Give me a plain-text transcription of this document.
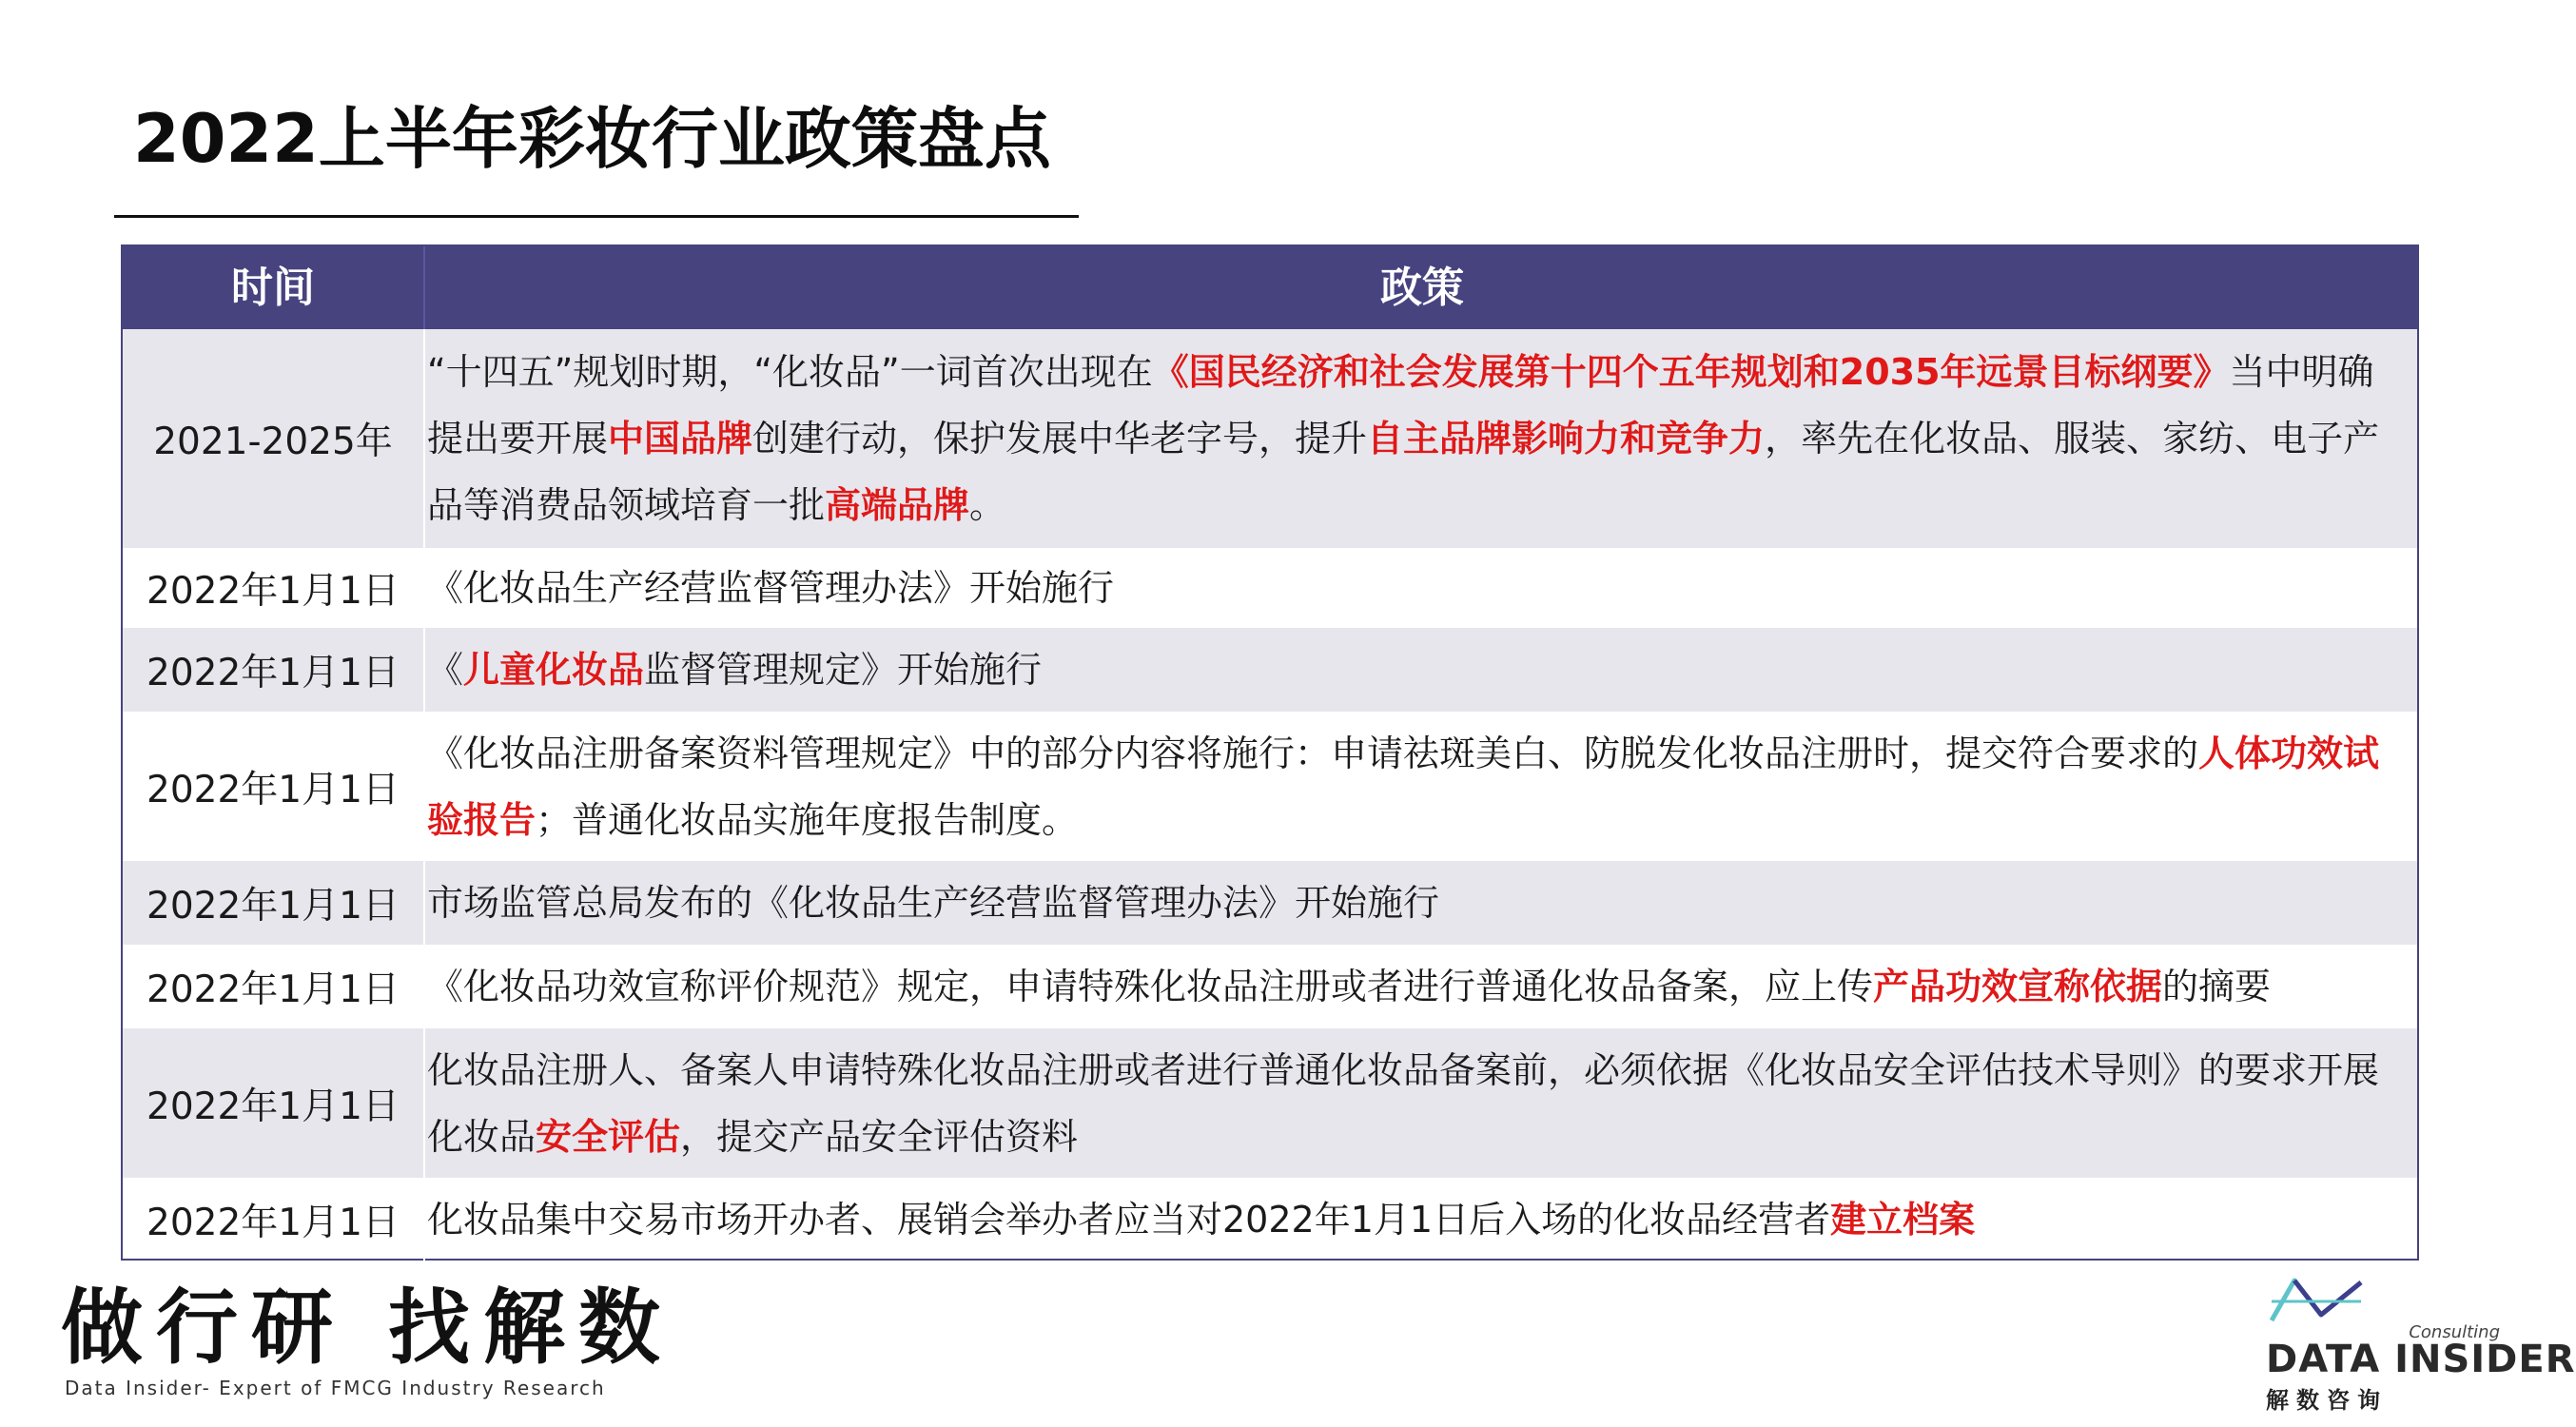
2022上半年彩妆行业政策盘点
时间	政策
2021-2025年
“十四五”规划时期，“化妆品”一词首次出现在《国民经济和社会发展第十四个五年规划和2035年远景目标纲要》当中明确提出要开展中国品牌创建行动，保护发展中华老字号，提升自主品牌影响力和竞争力，率先在化妆品、服装、家纺、电子产品等消费品领域培育一批高端品牌。
2022年1月1日 《化妆品生产经营监督管理办法》开始施行
2022年1月1日 《儿童化妆品监督管理规定》开始施行
2022年1月1日
《化妆品注册备案资料管理规定》中的部分内容将施行：申请祛斑美白、防脱发化妆品注册时，提交符合要求的人体功效试验报告；普通化妆品实施年度报告制度。
2022年1月1日 市场监管总局发布的《化妆品生产经营监督管理办法》开始施行
2022年1月1日 《化妆品功效宣称评价规范》规定，申请特殊化妆品注册或者进行普通化妆品备案，应上传产品功效宣称依据的摘要
2022年1月1日
化妆品注册人、备案人申请特殊化妆品注册或者进行普通化妆品备案前，必须依据《化妆品安全评估技术导则》的要求开展化妆品安全评估，提交产品安全评估资料
2022年1月1日 化妆品集中交易市场开办者、展销会举办者应当对2022年1月1日后入场的化妆品经营者建立档案
做行研 找解数
Data Insider- Expert of FMCG Industry Research
Consulting
DATA INSIDER
解数咨询
